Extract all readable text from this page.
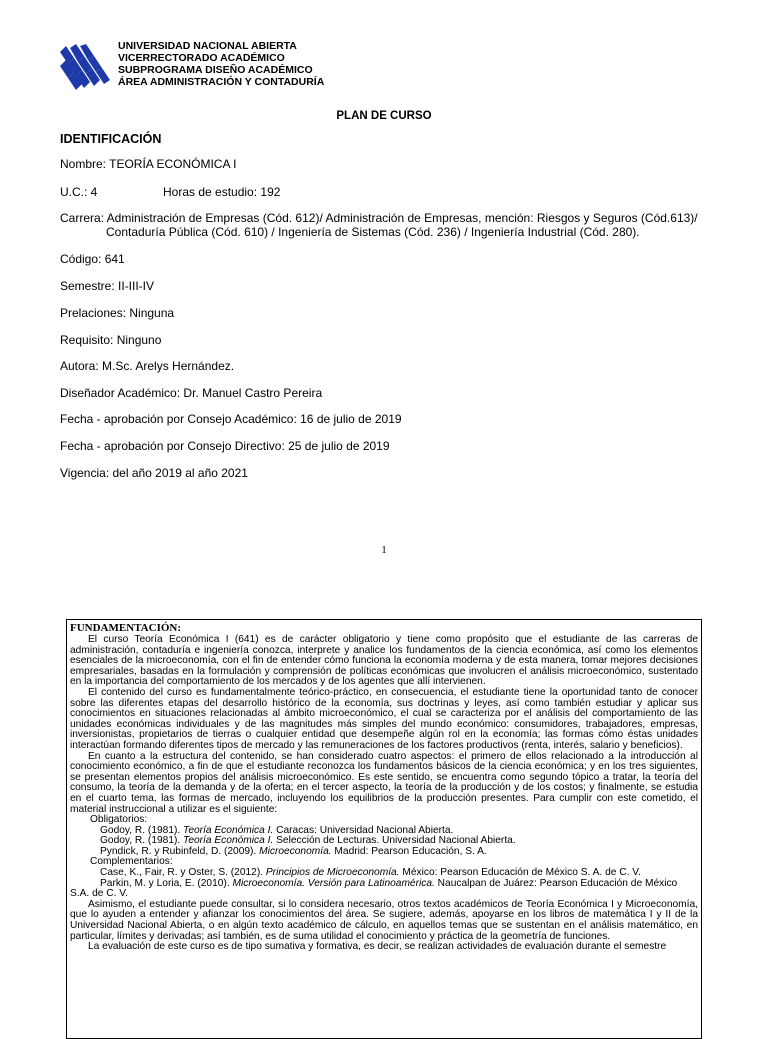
UNIVERSIDAD NACIONAL ABIERTA
VICERRECTORADO ACADÉMICO
SUBPROGRAMA DISEÑO ACADÉMICO
ÁREA ADMINISTRACIÓN Y CONTADURÍA
PLAN DE CURSO
IDENTIFICACIÓN
Nombre: TEORÍA ECONÓMICA I
U.C.: 4	Horas de estudio: 192
Carrera: Administración de Empresas (Cód. 612)/ Administración de Empresas, mención: Riesgos y Seguros (Cód.613)/
Contaduría Pública (Cód. 610) / Ingeniería de Sistemas (Cód. 236) / Ingeniería Industrial (Cód. 280).
Código: 641
Semestre: II-III-IV
Prelaciones: Ninguna
Requisito: Ninguno
Autora: M.Sc. Arelys Hernández.
Diseñador Académico: Dr. Manuel Castro Pereira
Fecha - aprobación por Consejo Académico: 16 de julio de 2019
Fecha - aprobación por Consejo Directivo: 25 de julio de 2019
Vigencia: del año 2019 al año 2021
1
FUNDAMENTACIÓN:

El curso Teoría Económica I (641) es de carácter obligatorio y tiene como propósito que el estudiante de las carreras de administración, contaduría e ingeniería conozca, interprete y analice los fundamentos de la ciencia económica, así como los elementos esenciales de la microeconomía, con el fin de entender cómo funciona la economía moderna y de esta manera, tomar mejores decisiones empresariales, basadas en la formulación y comprensión de políticas económicas que involucren el análisis microeconómico, sustentado en la importancia del comportamiento de los mercados y de los agentes que allí intervienen.

El contenido del curso es fundamentalmente teórico-práctico, en consecuencia, el estudiante tiene la oportunidad tanto de conocer sobre las diferentes etapas del desarrollo histórico de la economía, sus doctrinas y leyes, así como también estudiar y aplicar sus conocimientos en situaciones relacionadas al ámbito microeconómico, el cual se caracteriza por el análisis del comportamiento de las unidades económicas individuales y de las magnitudes más simples del mundo económico: consumidores, trabajadores, empresas, inversionistas, propietarios de tierras o cualquier entidad que desempeñe algún rol en la economía; las formas cómo éstas unidades interactúan formando diferentes tipos de mercado y las remuneraciones de los factores productivos (renta, interés, salario y beneficios).

En cuanto a la estructura del contenido, se han considerado cuatro aspectos: el primero de ellos relacionado a la introducción al conocimiento económico, a fin de que el estudiante reconozca los fundamentos básicos de la ciencia económica; y en los tres siguientes, se presentan elementos propios del análisis microeconómico. Es este sentido, se encuentra como segundo tópico a tratar, la teoría del consumo, la teoría de la demanda y de la oferta; en el tercer aspecto, la teoría de la producción y de los costos; y finalmente, se estudia en el cuarto tema, las formas de mercado, incluyendo los equilibrios de la producción presentes. Para cumplir con este cometido, el material instruccional a utilizar es el siguiente:

Obligatorios:

Godoy, R. (1981). Teoría Económica I. Caracas: Universidad Nacional Abierta.

Godoy, R. (1981). Teoría Económica I. Selección de Lecturas. Universidad Nacional Abierta.

Pyndick, R. y Rubinfeld, D. (2009). Microeconomía. Madrid: Pearson Educación, S. A.

Complementarios:

Case, K., Fair, R. y Oster, S. (2012). Principios de Microeconomía. México: Pearson Educación de México S. A. de C. V.

Parkin, M. y Loria, E. (2010). Microeconomía. Versión para Latinoamérica. Naucalpan de Juárez: Pearson Educación de México S.A. de C. V.

Asimismo, el estudiante puede consultar, si lo considera necesario, otros textos académicos de Teoría Económica I y Microeconomía, que lo ayuden a entender y afianzar los conocimientos del área. Se sugiere, además, apoyarse en los libros de matemática I y II de la Universidad Nacional Abierta, o en algún texto académico de cálculo, en aquellos temas que se sustentan en el análisis matemático, en particular, límites y derivadas; así también, es de suma utilidad el conocimiento y práctica de la geometría de funciones.

La evaluación de este curso es de tipo sumativa y formativa, es decir, se realizan actividades de evaluación durante el semestre
